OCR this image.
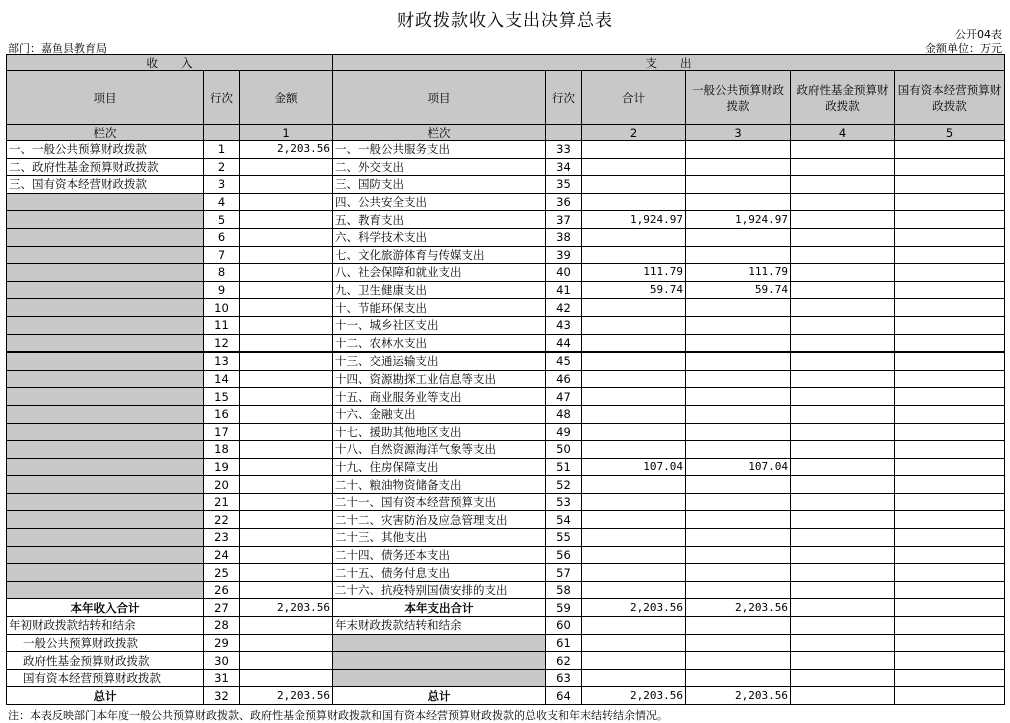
财政拨款收入支出决算总表
公开04表
部门：嘉鱼县教育局	金额单位：万元
收　　入			支　　出					
项目	行次	金额	项目	行次	合计	一般公共预算财政拨款	政府性基金预算财政拨款	国有资本经营预算财政拨款
栏次		1	栏次		2	3	4	5
一、一般公共预算财政拨款	1	2,203.56	一、一般公共服务支出	33				
二、政府性基金预算财政拨款	2		二、外交支出	34				
三、国有资本经营财政拨款	3		三、国防支出	35				
	4		四、公共安全支出	36				
	5		五、教育支出	37	1,924.97	1,924.97		
	6		六、科学技术支出	38				
	7		七、文化旅游体育与传媒支出	39				
	8		八、社会保障和就业支出	40	111.79	111.79		
	9		九、卫生健康支出	41	59.74	59.74		
	10		十、节能环保支出	42				
	11		十一、城乡社区支出	43				
	12		十二、农林水支出	44				
	13		十三、交通运输支出	45				
	14		十四、资源勘探工业信息等支出	46				
	15		十五、商业服务业等支出	47				
	16		十六、金融支出	48				
	17		十七、援助其他地区支出	49				
	18		十八、自然资源海洋气象等支出	50				
	19		十九、住房保障支出	51	107.04	107.04		
	20		二十、粮油物资储备支出	52				
	21		二十一、国有资本经营预算支出	53				
	22		二十二、灾害防治及应急管理支出	54				
	23		二十三、其他支出	55				
	24		二十四、债务还本支出	56				
	25		二十五、债务付息支出	57				
	26		二十六、抗疫特别国债安排的支出	58				
本年收入合计	27	2,203.56	本年支出合计	59	2,203.56	2,203.56		
年初财政拨款结转和结余	28		年末财政拨款结转和结余	60				
一般公共预算财政拨款	29			61				
政府性基金预算财政拨款	30			62				
国有资本经营预算财政拨款	31			63				
总计	32	2,203.56	总计	64	2,203.56	2,203.56		
注：本表反映部门本年度一般公共预算财政拨款、政府性基金预算财政拨款和国有资本经营预算财政拨款的总收支和年末结转结余情况。
